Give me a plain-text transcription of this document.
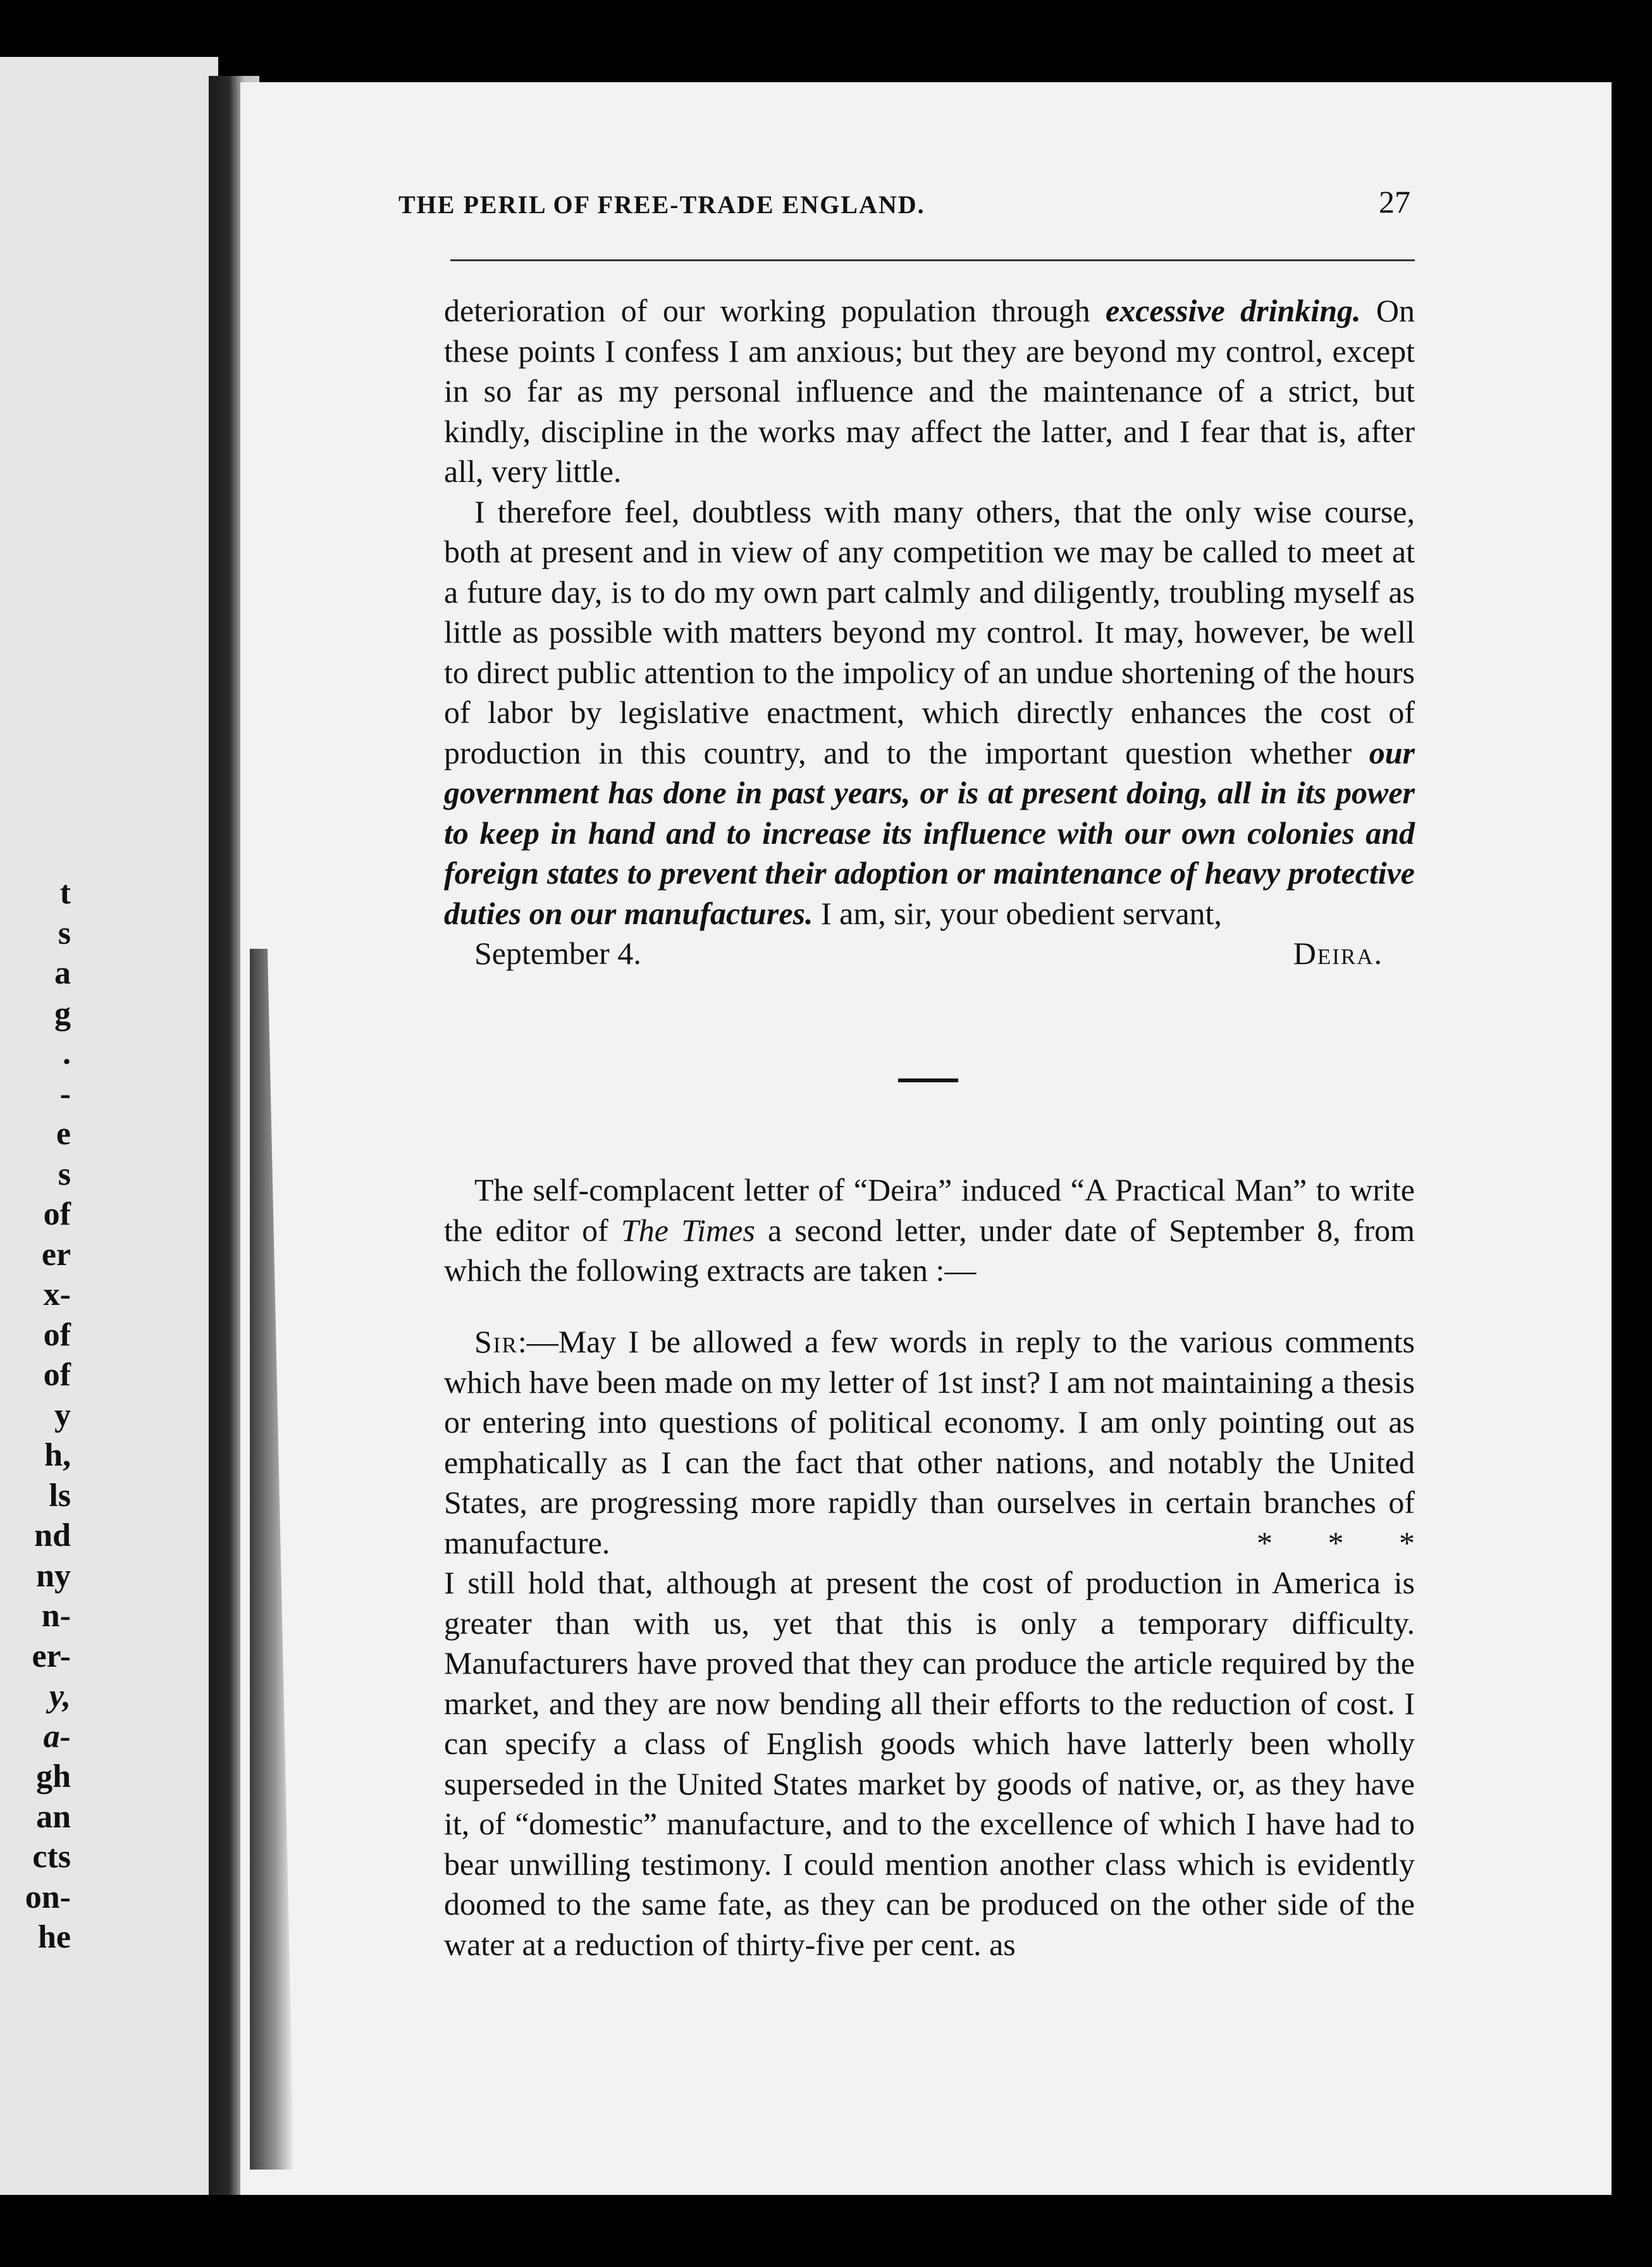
t
s
a
g
.
-
e
s
of
er
x-
of
of
y
h,
ls
nd
ny
n-
er-
y,
a-
gh
an
cts
on-
he
THE PERIL OF FREE-TRADE ENGLAND.	27

deterioration of our working population through excessive drinking. On these points I confess I am anxious; but they are beyond my control, except in so far as my personal influence and the maintenance of a strict, but kindly, discipline in the works may affect the latter, and I fear that is, after all, very little.

I therefore feel, doubtless with many others, that the only wise course, both at present and in view of any competition we may be called to meet at a future day, is to do my own part calmly and diligently, troubling myself as little as possible with matters beyond my control. It may, however, be well to direct public attention to the impolicy of an undue shortening of the hours of labor by legislative enactment, which directly enhances the cost of production in this country, and to the important question whether our government has done in past years, or is at present doing, all in its power to keep in hand and to increase its influence with our own colonies and foreign states to prevent their adoption or maintenance of heavy protective duties on our manufactures. I am, sir, your obedient servant,

September 4.	Deira.

The self-complacent letter of “Deira” induced “A Practical Man” to write the editor of The Times a second letter, under date of September 8, from which the following extracts are taken :—

Sir:—May I be allowed a few words in reply to the various comments which have been made on my letter of 1st inst? I am not maintaining a thesis or entering into questions of political economy. I am only pointing out as emphatically as I can the fact that other nations, and notably the United States, are progressing more rapidly than ourselves in certain branches of manufacture.	*       *       *

I still hold that, although at present the cost of production in America is greater than with us, yet that this is only a temporary difficulty. Manufacturers have proved that they can produce the article required by the market, and they are now bending all their efforts to the reduction of cost. I can specify a class of English goods which have latterly been wholly superseded in the United States market by goods of native, or, as they have it, of “domestic” manufacture, and to the excellence of which I have had to bear unwilling testimony. I could mention another class which is evidently doomed to the same fate, as they can be produced on the other side of the water at a reduction of thirty-five per cent. as
